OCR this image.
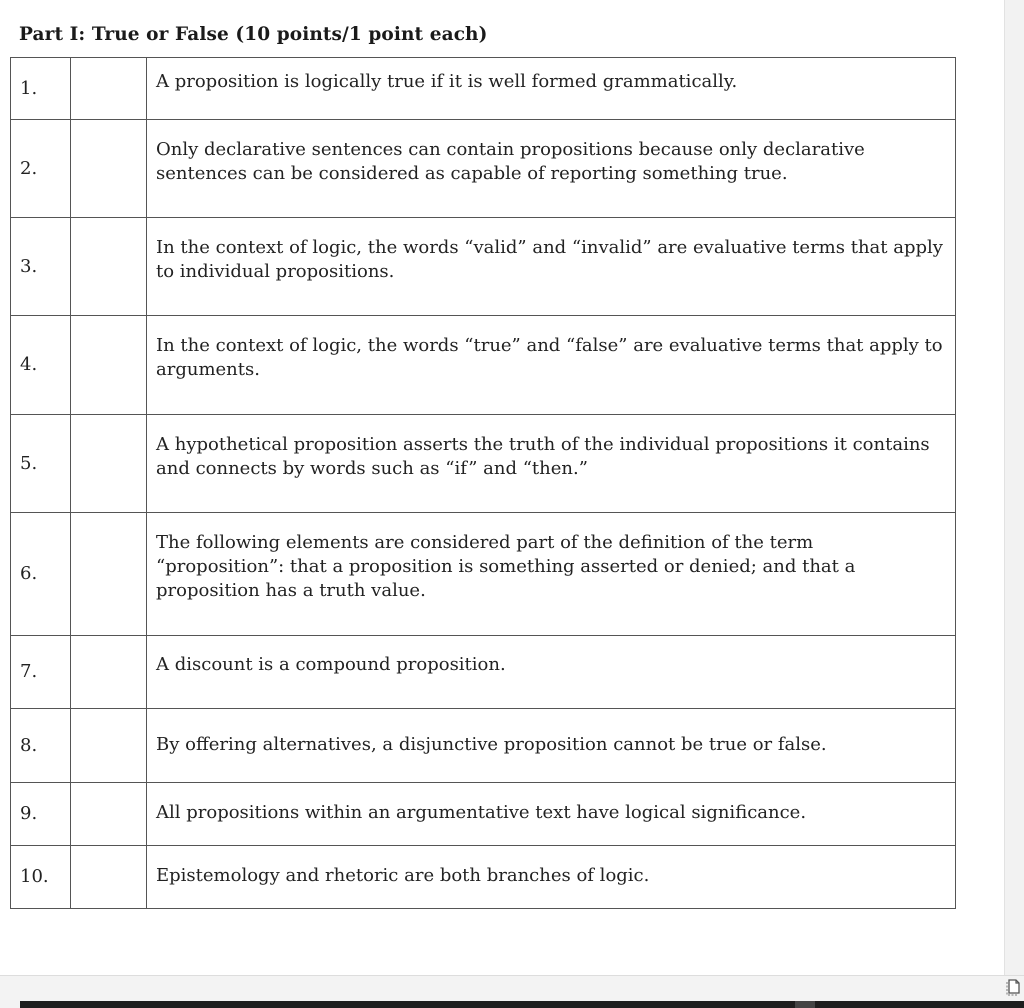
Part I: True or False (10 points/1 point each)
1.		A proposition is logically true if it is well formed grammatically.

2.		Only declarative sentences can contain propositions because only declarative sentences can be considered as capable of reporting something true.

3.		In the context of logic, the words “valid” and “invalid” are evaluative terms that apply to individual propositions.

4.		In the context of logic, the words “true” and “false” are evaluative terms that apply to arguments.

5.		A hypothetical proposition asserts the truth of the individual propositions it contains and connects by words such as “if” and “then.”

6.		The following elements are considered part of the definition of the term “proposition”: that a proposition is something asserted or denied; and that a proposition has a truth value.

7.		A discount is a compound proposition.

8.		By offering alternatives, a disjunctive proposition cannot be true or false.

9.		All propositions within an argumentative text have logical significance.

10.		Epistemology and rhetoric are both branches of logic.
